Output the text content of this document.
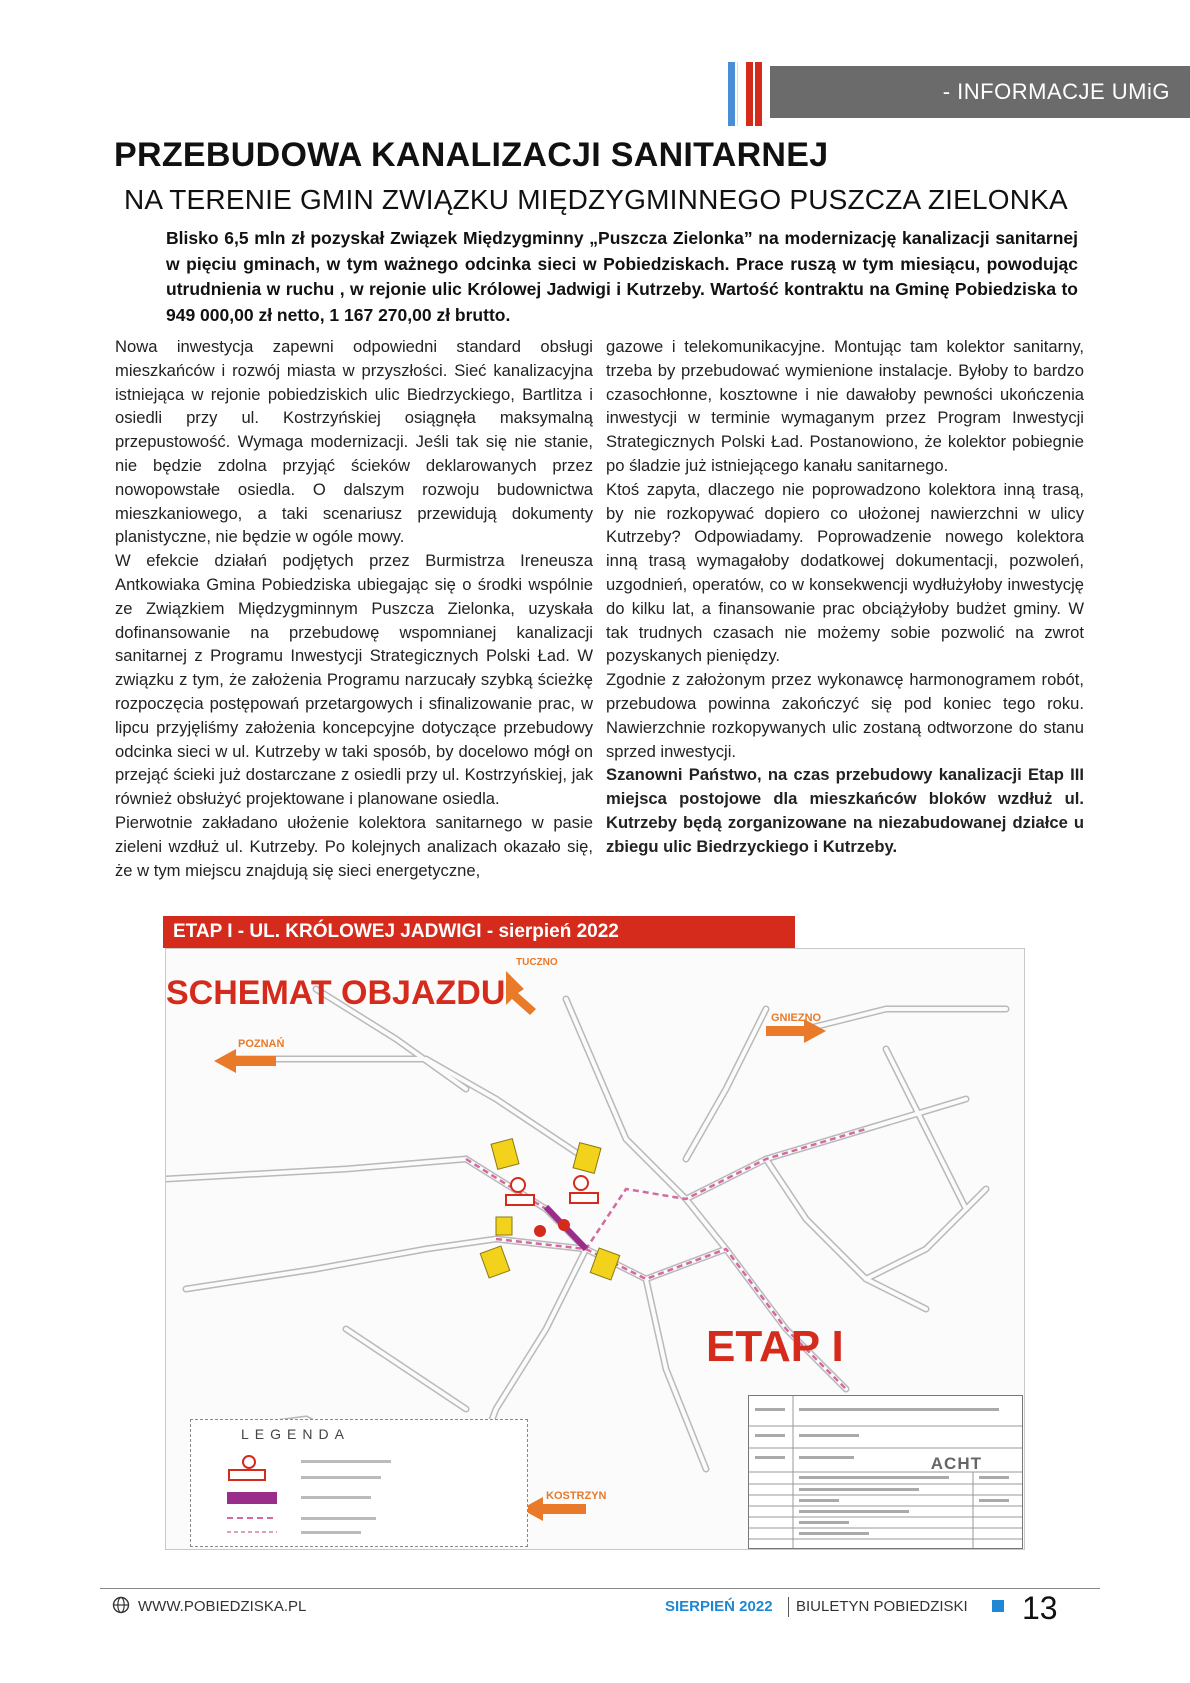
- INFORMACJE UMiG
PRZEBUDOWA KANALIZACJI SANITARNEJ
NA TERENIE GMIN ZWIĄZKU MIĘDZYGMINNEGO PUSZCZA ZIELONKA
Blisko 6,5 mln zł pozyskał Związek Międzygminny „Puszcza Zielonka” na modernizację kanalizacji sanitarnej w pięciu gminach, w tym ważnego odcinka sieci w Pobiedziskach. Prace ruszą w tym miesiącu, powodując utrudnienia w ruchu , w rejonie ulic Królowej Jadwigi i Kutrzeby. Wartość kontraktu na Gminę Pobiedziska to 949 000,00 zł netto, 1 167 270,00 zł brutto.

Nowa inwestycja zapewni odpowiedni standard obsługi mieszkańców i rozwój miasta w przyszłości. Sieć kanalizacyjna istniejąca w rejonie pobiedziskich ulic Biedrzyckiego, Bartlitza i osiedli przy ul. Kostrzyńskiej osiągnęła maksymalną przepustowość. Wymaga modernizacji. Jeśli tak się nie stanie, nie będzie zdolna przyjąć ścieków deklarowanych przez nowopowstałe osiedla. O dalszym rozwoju budownictwa mieszkaniowego, a taki scenariusz przewidują dokumenty planistyczne, nie będzie w ogóle mowy.

W efekcie działań podjętych przez Burmistrza Ireneusza Antkowiaka Gmina Pobiedziska ubiegając się o środki wspólnie ze Związkiem Międzygminnym Puszcza Zielonka, uzyskała dofinansowanie na przebudowę wspomnianej kanalizacji sanitarnej z Programu Inwestycji Strategicznych Polski Ład. W związku z tym, że założenia Programu narzucały szybką ścieżkę rozpoczęcia postępowań przetargowych i sfinalizowanie prac, w lipcu przyjęliśmy założenia koncepcyjne dotyczące przebudowy odcinka sieci w ul. Kutrzeby w taki sposób, by docelowo mógł on przejąć ścieki już dostarczane z osiedli przy ul. Kostrzyńskiej, jak również obsłużyć projektowane i planowane osiedla.

Pierwotnie zakładano ułożenie kolektora sanitarnego w pasie zieleni wzdłuż ul. Kutrzeby. Po kolejnych analizach okazało się, że w tym miejscu znajdują się sieci energetyczne,

gazowe i telekomunikacyjne. Montując tam kolektor sanitarny, trzeba by przebudować wymienione instalacje. Byłoby to bardzo czasochłonne, kosztowne i nie dawałoby pewności ukończenia inwestycji w terminie wymaganym przez Program Inwestycji Strategicznych Polski Ład. Postanowiono, że kolektor pobiegnie po śladzie już istniejącego kanału sanitarnego.

Ktoś zapyta, dlaczego nie poprowadzono kolektora inną trasą, by nie rozkopywać dopiero co ułożonej nawierzchni w ulicy Kutrzeby? Odpowiadamy. Poprowadzenie nowego kolektora inną trasą wymagałoby dodatkowej dokumentacji, pozwoleń, uzgodnień, operatów, co w konsekwencji wydłużyłoby inwestycję do kilku lat, a finansowanie prac obciążyłoby budżet gminy. W tak trudnych czasach nie możemy sobie pozwolić na zwrot pozyskanych pieniędzy.

Zgodnie z założonym przez wykonawcę harmonogramem robót, przebudowa powinna zakończyć się pod koniec tego roku. Nawierzchnie rozkopywanych ulic zostaną odtworzone do stanu sprzed inwestycji.

Szanowni Państwo, na czas przebudowy kanalizacji Etap III miejsca postojowe dla mieszkańców bloków wzdłuż ul. Kutrzeby będą zorganizowane na niezabudowanej działce u zbiegu ulic Biedrzyckiego i Kutrzeby.

ETAP I - UL. KRÓLOWEJ JADWIGI - sierpień 2022
SCHEMAT OBJAZDU
ETAP I
POZNAŃ
GNIEZNO
KOSTRZYN
TUCZNO
LEGENDA
ACHT
WWW.POBIEDZISKA.PL	SIERPIEŃ 2022 BIULETYN POBIEDZISKI 13
